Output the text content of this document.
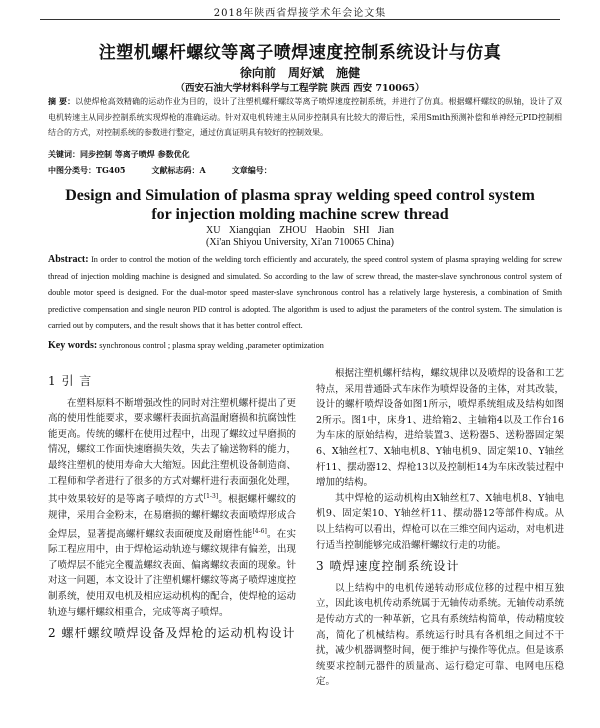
2018年陕西省焊接学术年会论文集
注塑机螺杆螺纹等离子喷焊速度控制系统设计与仿真
徐向前 周好斌 施健
（西安石油大学材料科学与工程学院 陕西 西安 710065）
摘 要：以使焊枪高效精确的运动作业为目的，设计了注塑机螺杆螺纹等离子喷焊速度控制系统，并进行了仿真。根据螺杆螺纹的纵轴，设计了双电机转速主从同步控制系统实现焊枪的准确运动。针对双电机转速主从同步控制具有比较大的滞后性，采用Smith预测补偿和单神经元PID控制相结合的方式，对控制系统的参数进行整定，通过仿真证明具有较好的控制效果。
关键词：同步控制 等离子喷焊 参数优化
中图分类号：TG405	文献标志码：A	文章编号：
Design and Simulation of plasma spray welding speed control system for injection molding machine screw thread
XU Xiangqian ZHOU Haobin SHI Jian
(Xi'an Shiyou University, Xi'an 710065 China)
Abstract: In order to control the motion of the welding torch efficiently and accurately, the speed control system of plasma spraying welding for screw thread of injection molding machine is designed and simulated. So according to the law of screw thread, the master-slave synchronous control system of double motor speed is designed. For the dual-motor speed master-slave synchronous control has a relatively large hysteresis, a combination of Smith predictive compensation and single neuron PID control is adopted. The algorithm is used to adjust the parameters of the control system. The simulation is carried out by computers, and the result shows that it has better control effect.
Key words: synchronous control ; plasma spray welding ,parameter optimization
1 引 言
在塑料原料不断增强改性的同时对注塑机螺杆提出了更高的使用性能要求，要求螺杆表面抗高温耐磨损和抗腐蚀性能更高。传统的螺杆在使用过程中，出现了螺纹过早磨损的情况，螺纹工作面快速磨损失效，失去了输送物料的能力，最终注塑机的使用寿命大大缩短。因此注塑机设备制造商、工程师和学者进行了很多的方式对螺杆进行表面强化处理，其中效果较好的是等离子喷焊的方式[1-3]。根据螺杆螺纹的规律，采用合金粉末，在易磨损的螺杆螺纹表面喷焊形成合金焊层，显著提高螺杆螺纹表面硬度及耐磨性能[4-6]。在实际工程应用中，由于焊枪运动轨迹与螺纹规律有偏差，出现了喷焊层不能完全覆盖螺纹表面、偏离螺纹表面的现象。针对这一问题，本文设计了注塑机螺杆螺纹等离子喷焊速度控制系统，使用双电机及相应运动机构的配合，使焊枪的运动轨迹与螺杆螺纹相重合，完成等离子喷焊。
2 螺杆螺纹喷焊设备及焊枪的运动机构设计
根据注塑机螺杆结构，螺纹规律以及喷焊的设备和工艺特点，采用普通卧式车床作为喷焊设备的主体，对其改装，设计的螺杆喷焊设备如图1所示，喷焊系统组成及结构如图2所示。图1中，床身1、进给箱2、主轴箱4以及工作台16为车床的原始结构，进给装置3、送粉器5、送粉器固定架6、X轴丝杠7、X轴电机8、Y轴电机9、固定架10、Y轴丝杆11、摆动器12、焊枪13以及控制柜14为车床改装过程中增加的结构。
其中焊枪的运动机构由X轴丝杠7、X轴电机8、Y轴电机9、固定架10、Y轴丝杆11、摆动器12等部件构成。从以上结构可以看出，焊枪可以在三维空间内运动，对电机进行适当控制能够完成沿螺杆螺纹行走的功能。
3 喷焊速度控制系统设计
以上结构中的电机传递转动形成位移的过程中相互独立，因此该电机传动系统属于无轴传动系统。无轴传动系统是传动方式的一种革新，它具有系统结构简单，传动精度较高，简化了机械结构。系统运行时具有各机组之间过不干扰，减少机器调整时间，便于维护与操作等优点。但是该系统要求控制元器件的质量高、运行稳定可靠、电网电压稳定。
